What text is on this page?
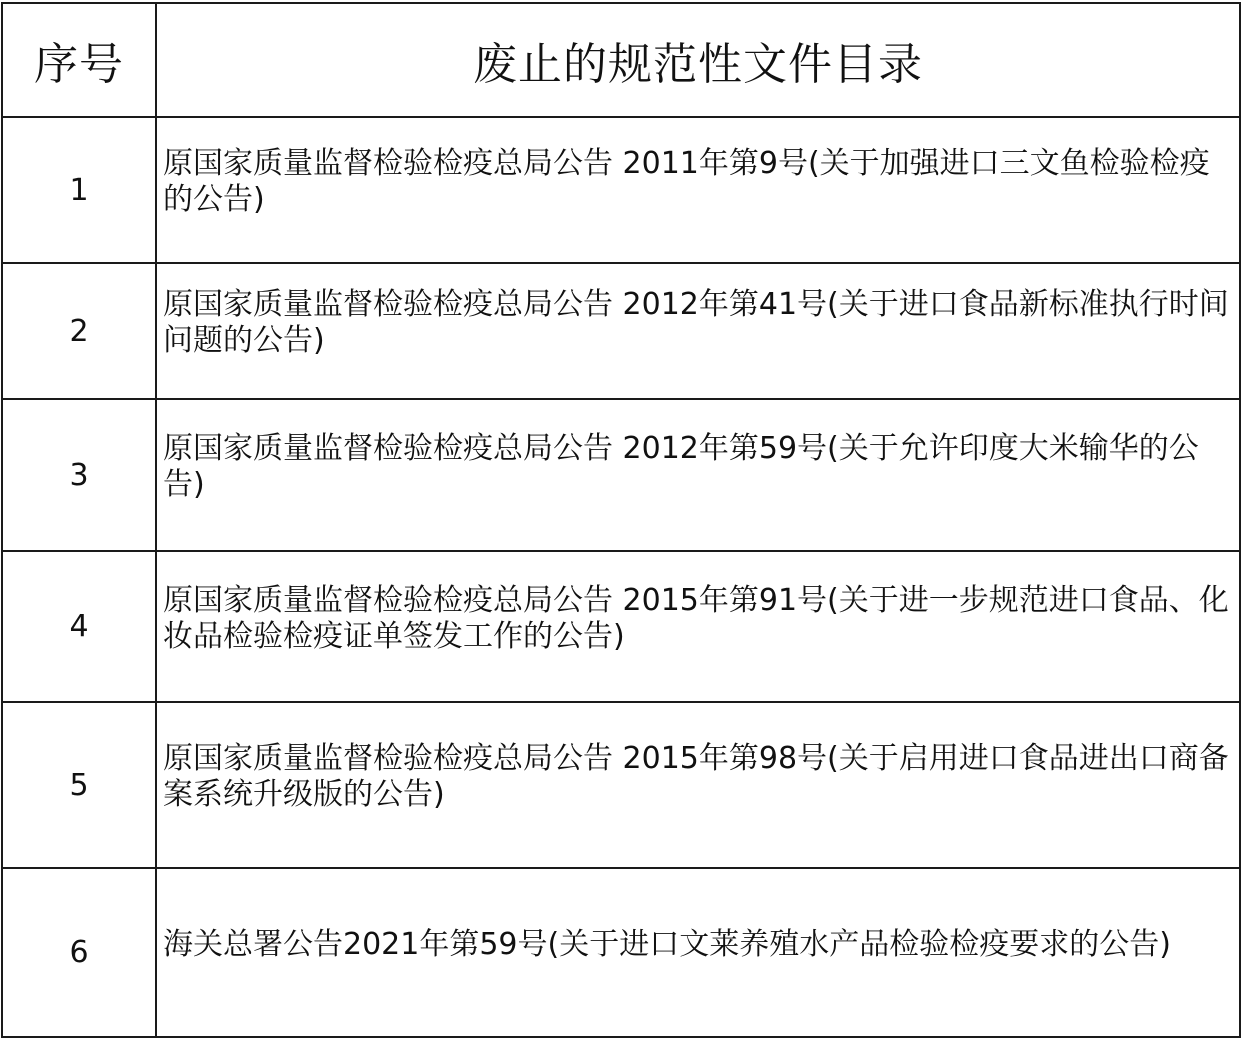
序号	废止的规范性文件目录
1	原国家质量监督检验检疫总局公告 2011年第9号(关于加强进口三文鱼检验检疫的公告)

2	原国家质量监督检验检疫总局公告 2012年第41号(关于进口食品新标准执行时间问题的公告)

3	原国家质量监督检验检疫总局公告 2012年第59号(关于允许印度大米输华的公告)

4	原国家质量监督检验检疫总局公告 2015年第91号(关于进一步规范进口食品、化妆品检验检疫证单签发工作的公告)

5	原国家质量监督检验检疫总局公告 2015年第98号(关于启用进口食品进出口商备案系统升级版的公告)

6	海关总署公告2021年第59号(关于进口文莱养殖水产品检验检疫要求的公告)
